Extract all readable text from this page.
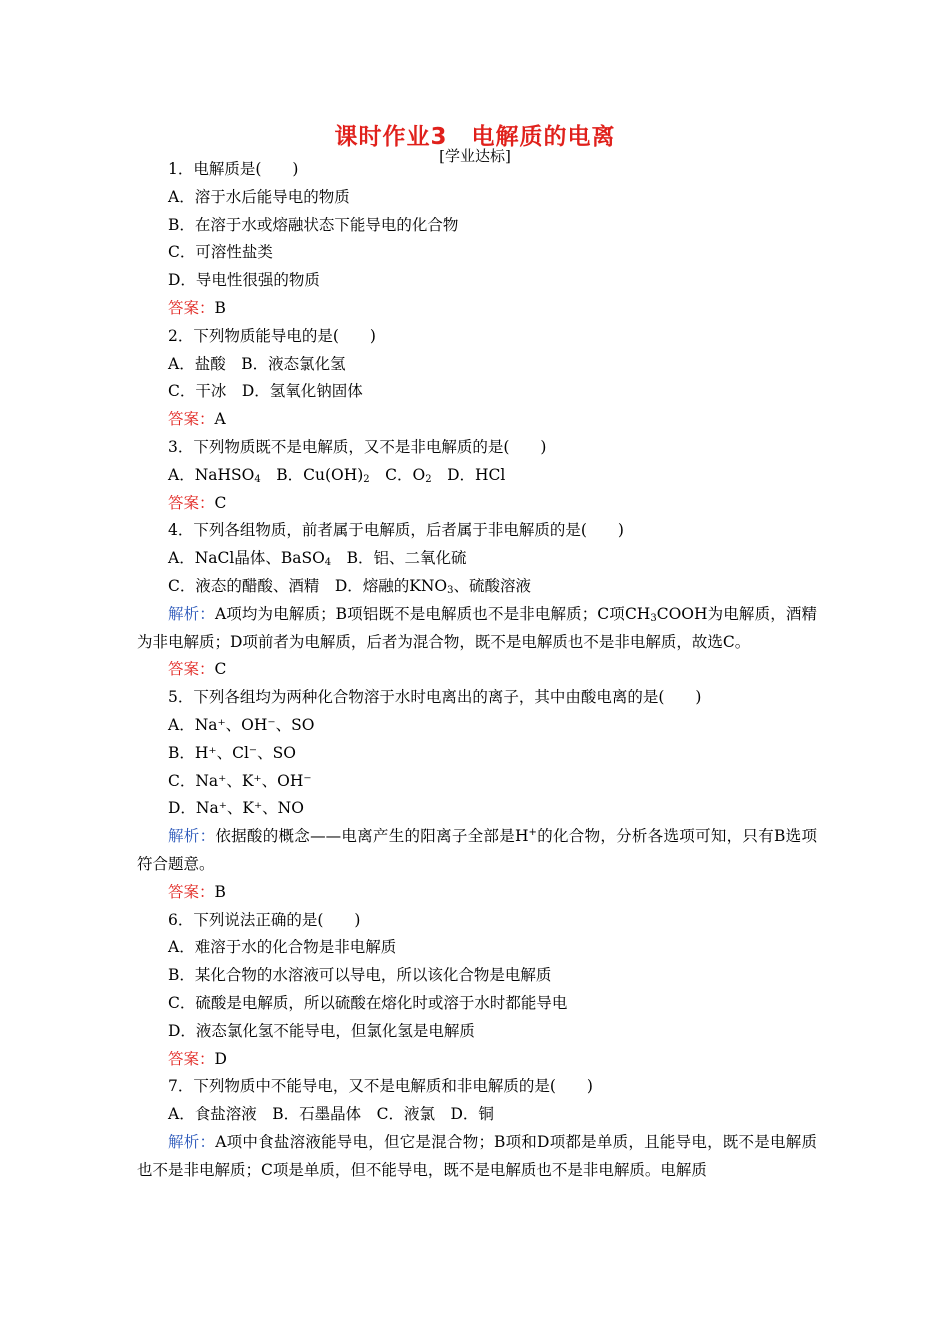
课时作业3　电解质的电离
[学业达标]
1．电解质是(　　)
A．溶于水后能导电的物质
B．在溶于水或熔融状态下能导电的化合物
C．可溶性盐类
D．导电性很强的物质
答案：B
2．下列物质能导电的是(　　)
A．盐酸　B．液态氯化氢
C．干冰　D．氢氧化钠固体
答案：A
3．下列物质既不是电解质，又不是非电解质的是(　　)
A．NaHSO$_4$　B．$Cu(OH)_2$　C．$O_2$　D．HCl
答案：C
4．下列各组物质，前者属于电解质，后者属于非电解质的是(　　)
A．NaCl晶体、BaSO$_4$　B．铝、二氧化硫
C．液态的醋酸、酒精　D．熔融的$KNO_3$、硫酸溶液
解析：A项均为电解质；B项铝既不是电解质也不是非电解质；C项$CH_3COOH$为电解质，酒精为非电解质；D项前者为电解质，后者为混合物，既不是电解质也不是非电解质，故选C。
答案：C
5．下列各组均为两种化合物溶于水时电离出的离子，其中由酸电离的是(　　)
A．Na⁺、OH⁻、SO
B．H⁺、Cl⁻、SO
C．Na⁺、K⁺、OH⁻
D．Na⁺、K⁺、NO
解析：依据酸的概念——电离产生的阳离子全部是H+的化合物，分析各选项可知，只有B选项符合题意。
答案：B
6．下列说法正确的是(　　)
A．难溶于水的化合物是非电解质
B．某化合物的水溶液可以导电，所以该化合物是电解质
C．硫酸是电解质，所以硫酸在熔化时或溶于水时都能导电
D．液态氯化氢不能导电，但氯化氢是电解质
答案：D
7．下列物质中不能导电，又不是电解质和非电解质的是(　　)
A．食盐溶液　B．石墨晶体　C．液氯　D．铜
解析：A项中食盐溶液能导电，但它是混合物；B项和D项都是单质，且能导电，既不是电解质也不是非电解质；C项是单质，但不能导电，既不是电解质也不是非电解质。电解质
